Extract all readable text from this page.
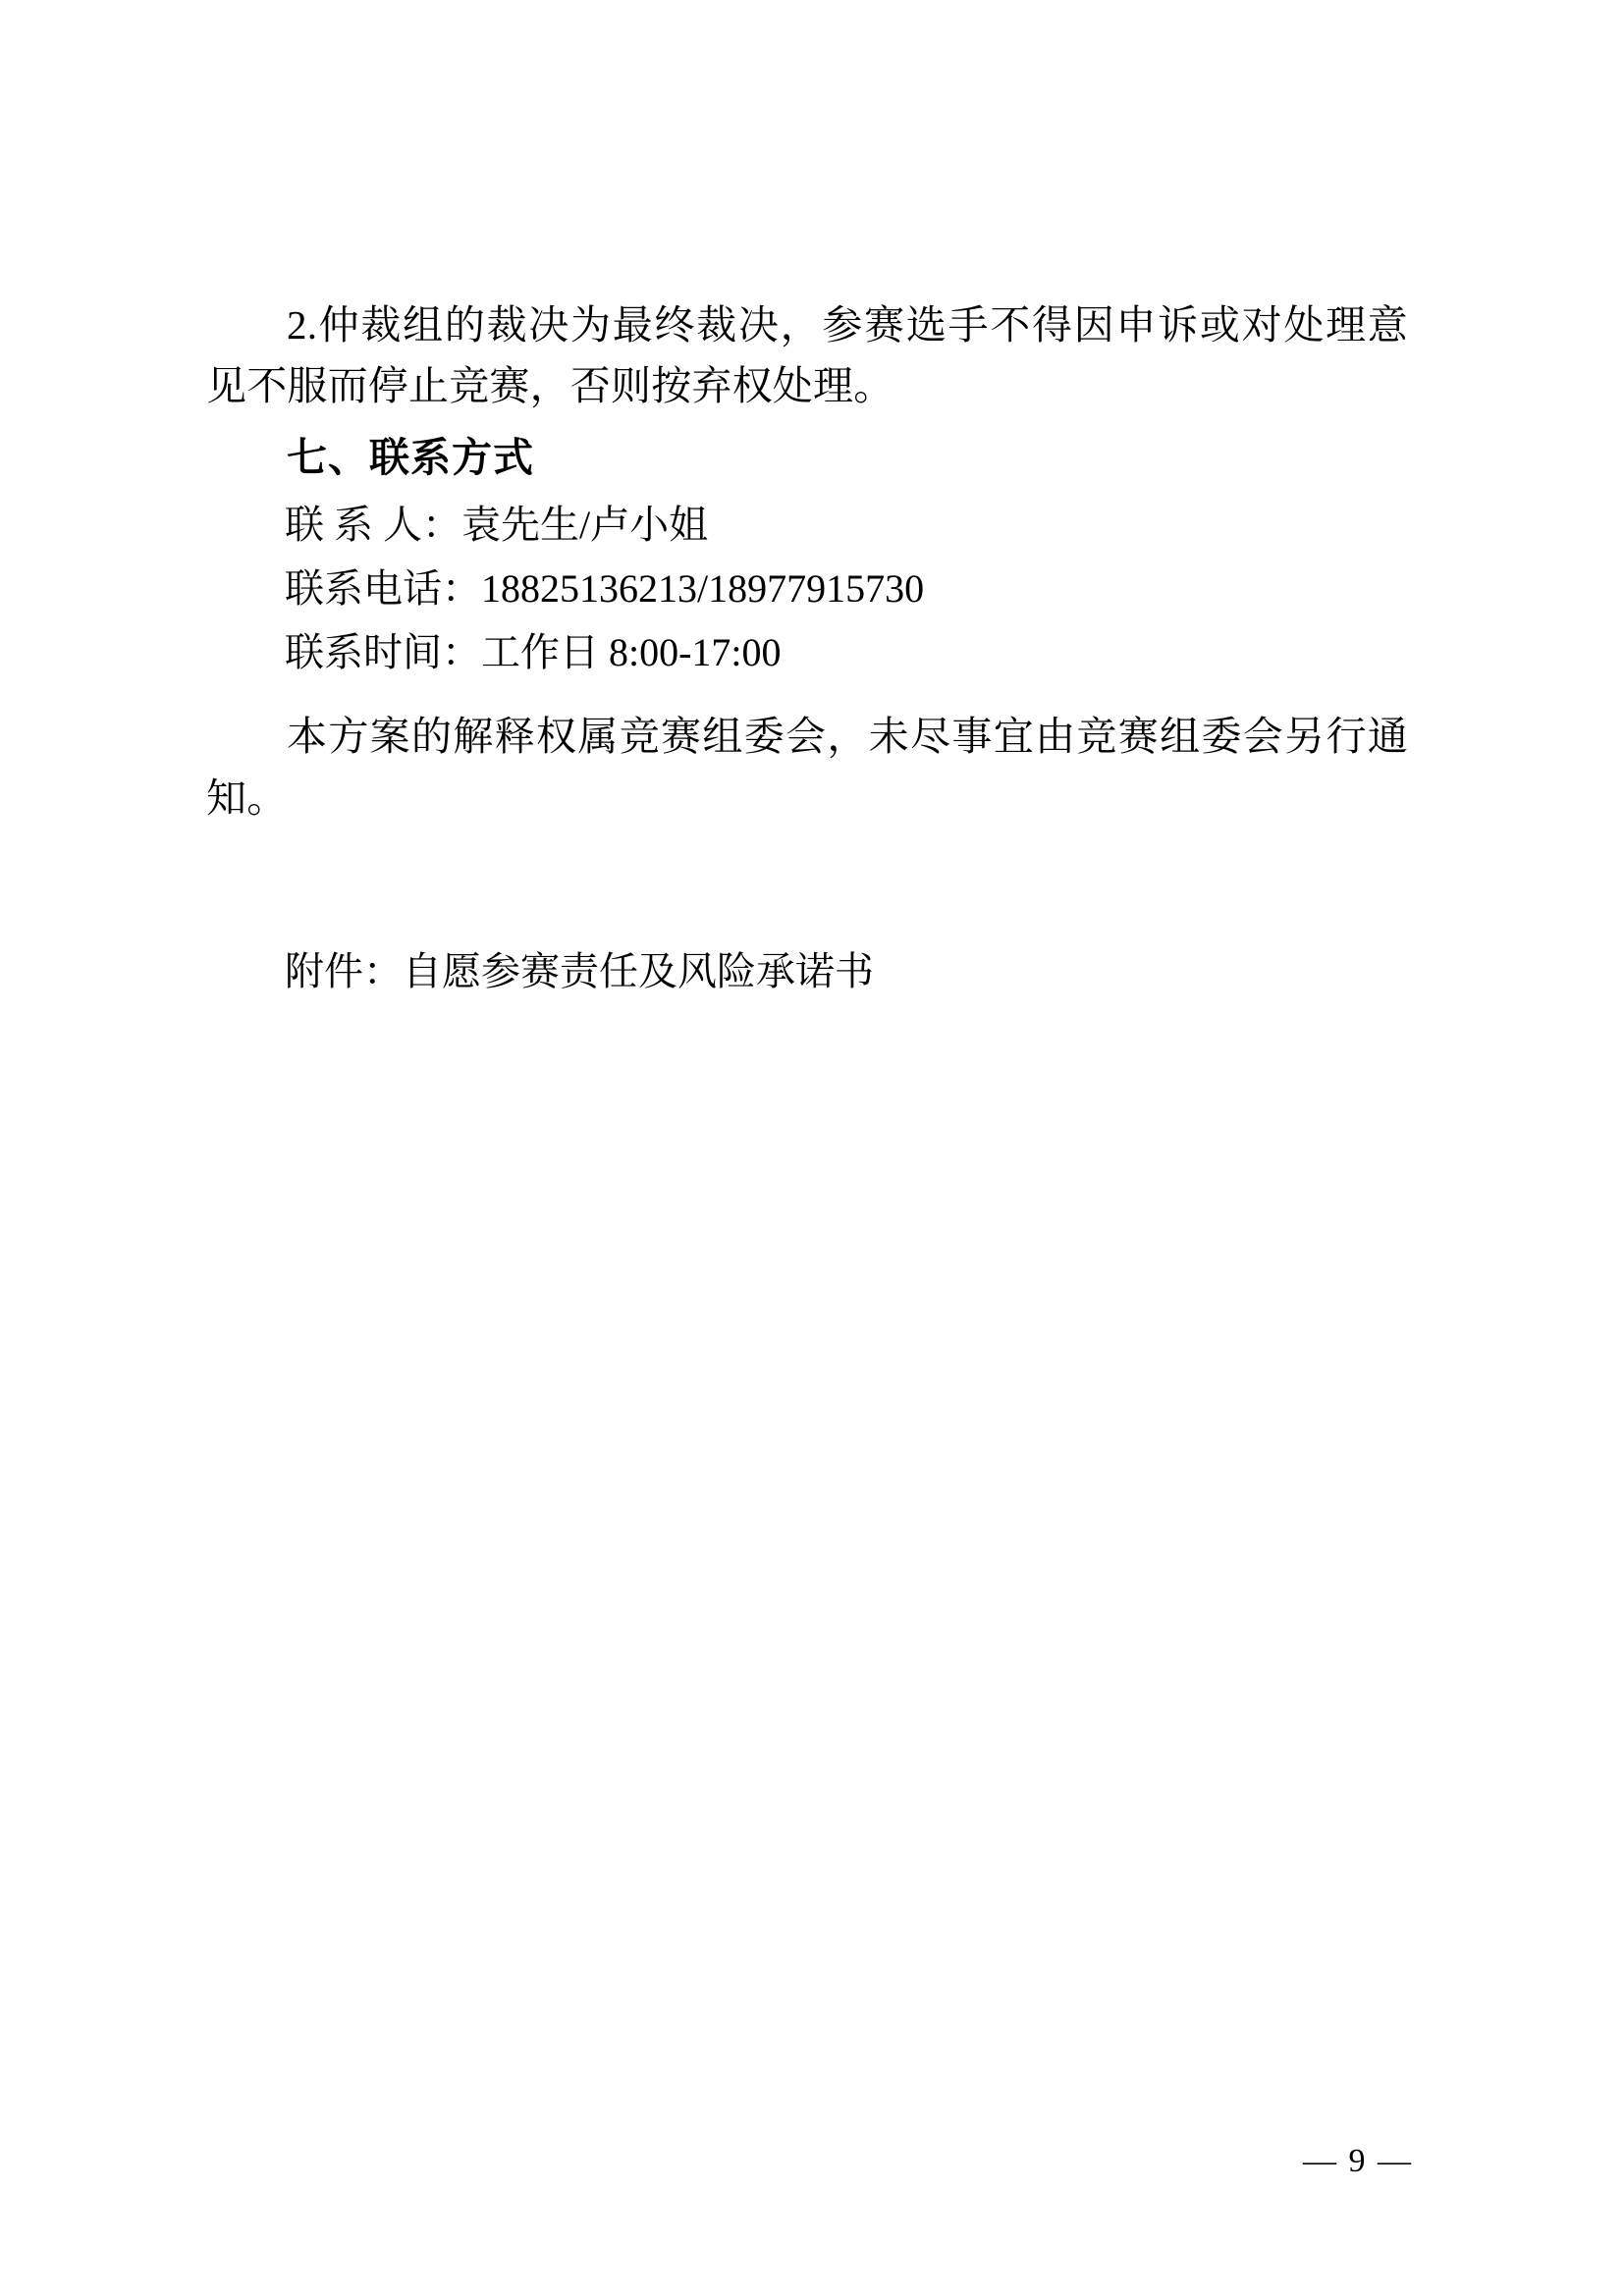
2.仲裁组的裁决为最终裁决，参赛选手不得因申诉或对处理意见不服而停止竞赛，否则按弃权处理。

七、联系方式

联 系 人：袁先生/卢小姐

联系电话：18825136213/18977915730

联系时间：工作日 8:00-17:00

本方案的解释权属竞赛组委会，未尽事宜由竞赛组委会另行通知。

附件：自愿参赛责任及风险承诺书

— 9 —
